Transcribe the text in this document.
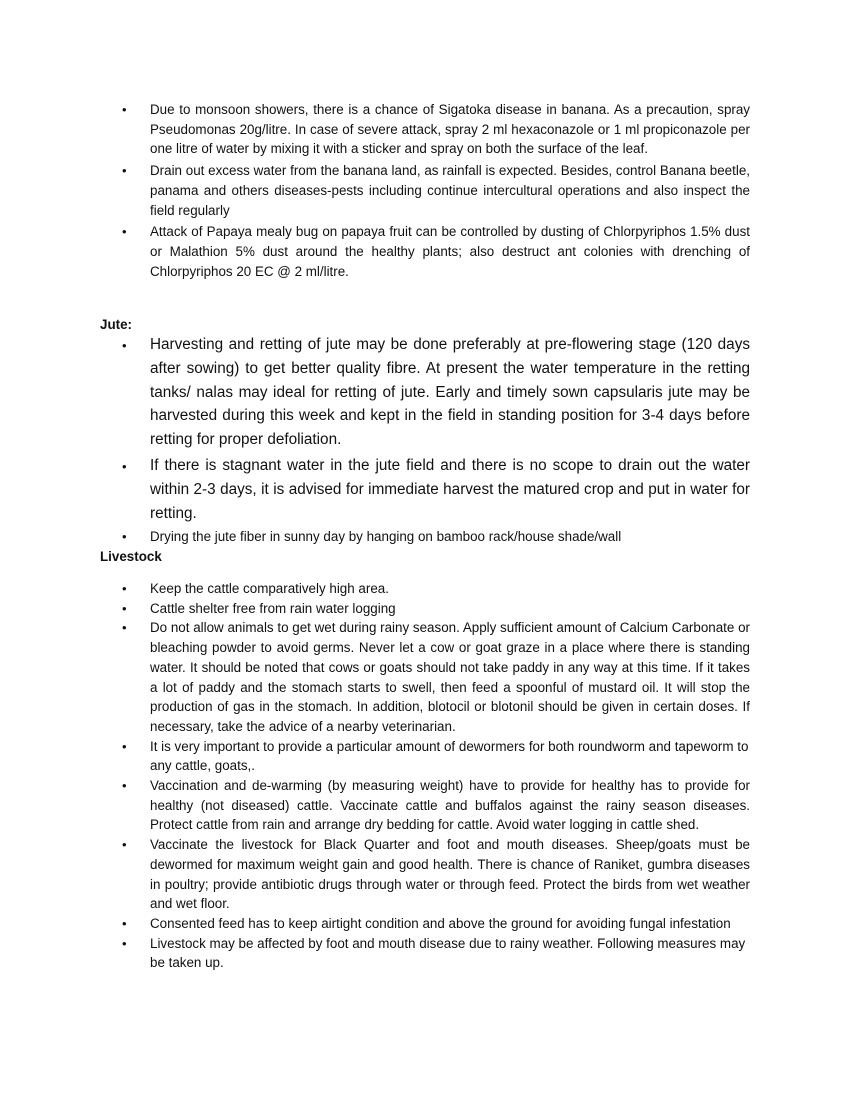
• Due to monsoon showers, there is a chance of Sigatoka disease in banana. As a precaution, spray Pseudomonas 20g/litre. In case of severe attack, spray 2 ml hexaconazole or 1 ml propiconazole per one litre of water by mixing it with a sticker and spray on both the surface of the leaf.
• Drain out excess water from the banana land, as rainfall is expected. Besides, control Banana beetle, panama and others diseases-pests including continue intercultural operations and also inspect the field regularly
• Attack of Papaya mealy bug on papaya fruit can be controlled by dusting of Chlorpyriphos 1.5% dust or Malathion 5% dust around the healthy plants; also destruct ant colonies with drenching of Chlorpyriphos 20 EC @ 2 ml/litre.
Jute:
• Harvesting and retting of jute may be done preferably at pre-flowering stage (120 days after sowing) to get better quality fibre. At present the water temperature in the retting tanks/ nalas may ideal for retting of jute. Early and timely sown capsularis jute may be harvested during this week and kept in the field in standing position for 3-4 days before retting for proper defoliation.
• If there is stagnant water in the jute field and there is no scope to drain out the water within 2-3 days, it is advised for immediate harvest the matured crop and put in water for retting.
• Drying the jute fiber in sunny day by hanging on bamboo rack/house shade/wall
Livestock
• Keep the cattle comparatively high area.
• Cattle shelter free from rain water logging
• Do not allow animals to get wet during rainy season. Apply sufficient amount of Calcium Carbonate or bleaching powder to avoid germs. Never let a cow or goat graze in a place where there is standing water. It should be noted that cows or goats should not take paddy in any way at this time. If it takes a lot of paddy and the stomach starts to swell, then feed a spoonful of mustard oil. It will stop the production of gas in the stomach. In addition, blotocil or blotonil should be given in certain doses. If necessary, take the advice of a nearby veterinarian.
• It is very important to provide a particular amount of dewormers for both roundworm and tapeworm to any cattle, goats,.
• Vaccination and de-warming (by measuring weight) have to provide for healthy has to provide for healthy (not diseased) cattle. Vaccinate cattle and buffalos against the rainy season diseases. Protect cattle from rain and arrange dry bedding for cattle. Avoid water logging in cattle shed.
• Vaccinate the livestock for Black Quarter and foot and mouth diseases. Sheep/goats must be dewormed for maximum weight gain and good health. There is chance of Raniket, gumbra diseases in poultry; provide antibiotic drugs through water or through feed. Protect the birds from wet weather and wet floor.
• Consented feed has to keep airtight condition and above the ground for avoiding fungal infestation
• Livestock may be affected by foot and mouth disease due to rainy weather. Following measures may be taken up.
